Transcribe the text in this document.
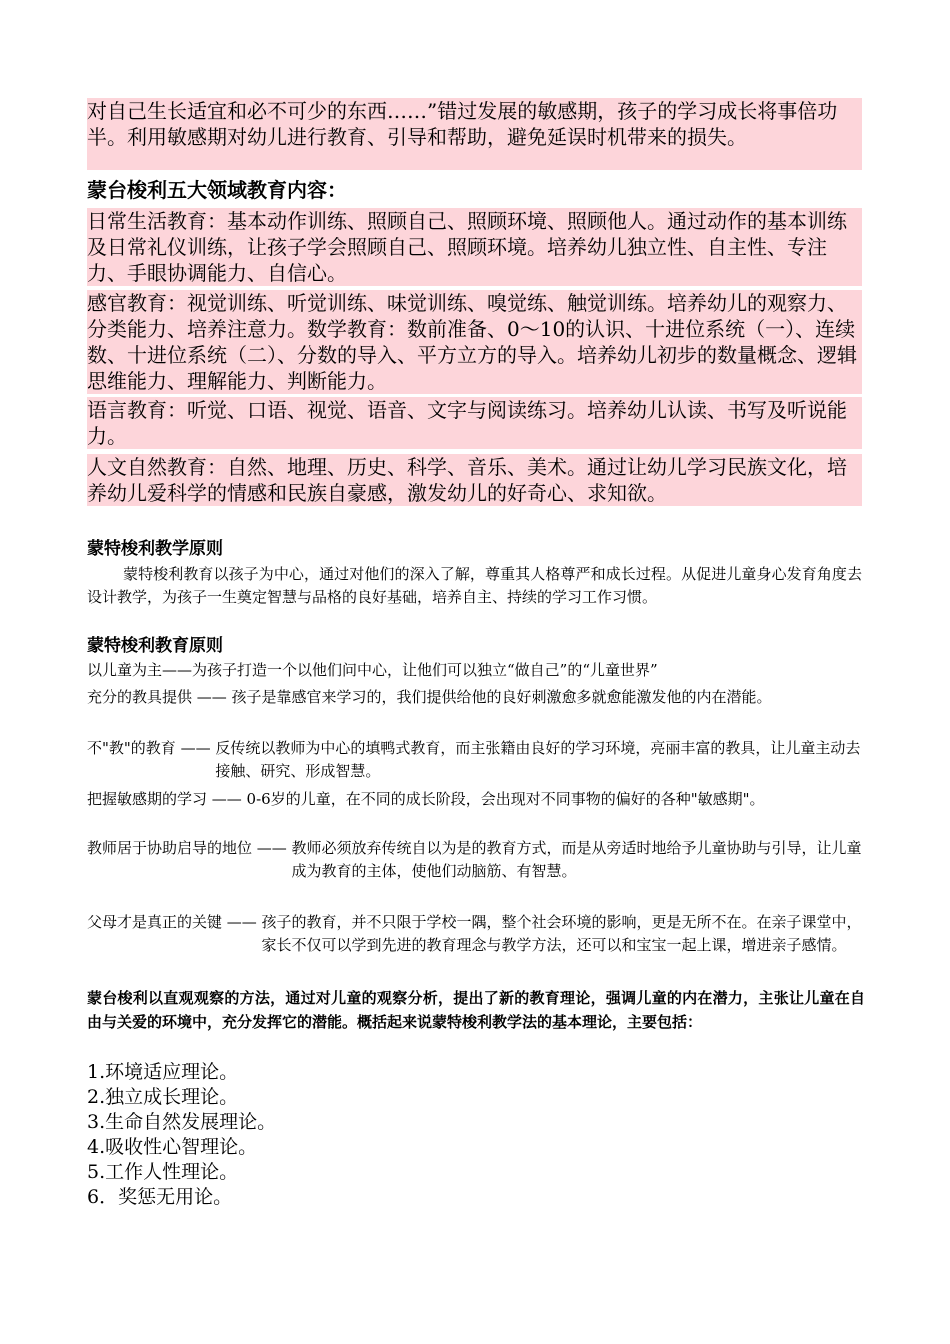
对自己生长适宜和必不可少的东西……”错过发展的敏感期，孩子的学习成长将事倍功半。利用敏感期对幼儿进行教育、引导和帮助，避免延误时机带来的损失。

蒙台梭利五大领域教育内容：

日常生活教育：基本动作训练、照顾自己、照顾环境、照顾他人。通过动作的基本训练及日常礼仪训练，让孩子学会照顾自己、照顾环境。培养幼儿独立性、自主性、专注力、手眼协调能力、自信心。

感官教育：视觉训练、听觉训练、味觉训练、嗅觉练、触觉训练。培养幼儿的观察力、分类能力、培养注意力。数学教育：数前准备、0～10的认识、十进位系统（一）、连续数、十进位系统（二）、分数的导入、平方立方的导入。培养幼儿初步的数量概念、逻辑思维能力、理解能力、判断能力。

语言教育：听觉、口语、视觉、语音、文字与阅读练习。培养幼儿认读、书写及听说能力。

人文自然教育：自然、地理、历史、科学、音乐、美术。通过让幼儿学习民族文化，培养幼儿爱科学的情感和民族自豪感，激发幼儿的好奇心、求知欲。

蒙特梭利教学原则

蒙特梭利教育以孩子为中心，通过对他们的深入了解，尊重其人格尊严和成长过程。从促进儿童身心发育角度去设计教学，为孩子一生奠定智慧与品格的良好基础，培养自主、持续的学习工作习惯。

蒙特梭利教育原则
以儿童为主——为孩子打造一个以他们问中心，让他们可以独立“做自己”的“儿童世界”
充分的教具提供 —— 孩子是靠感官来学习的，我们提供给他的良好刺激愈多就愈能激发他的内在潜能。
不"教"的教育 —— 反传统以教师为中心的填鸭式教育，而主张籍由良好的学习环境，亮丽丰富的教具，让儿童主动去接触、研究、形成智慧。
把握敏感期的学习 —— 0-6岁的儿童，在不同的成长阶段，会出现对不同事物的偏好的各种"敏感期"。
教师居于协助启导的地位 —— 教师必须放弃传统自以为是的教育方式，而是从旁适时地给予儿童协助与引导，让儿童成为教育的主体，使他们动脑筋、有智慧。
父母才是真正的关键 —— 孩子的教育，并不只限于学校一隅，整个社会环境的影响，更是无所不在。在亲子课堂中，家长不仅可以学到先进的教育理念与教学方法，还可以和宝宝一起上课，增进亲子感情。

蒙台梭利以直观观察的方法，通过对儿童的观察分析，提出了新的教育理论，强调儿童的内在潜力，主张让儿童在自由与关爱的环境中，充分发挥它的潜能。概括起来说蒙特梭利教学法的基本理论，主要包括：

1.环境适应理论。
2.独立成长理论。
3.生命自然发展理论。
4.吸收性心智理论。
5.工作人性理论。
6．奖惩无用论。
